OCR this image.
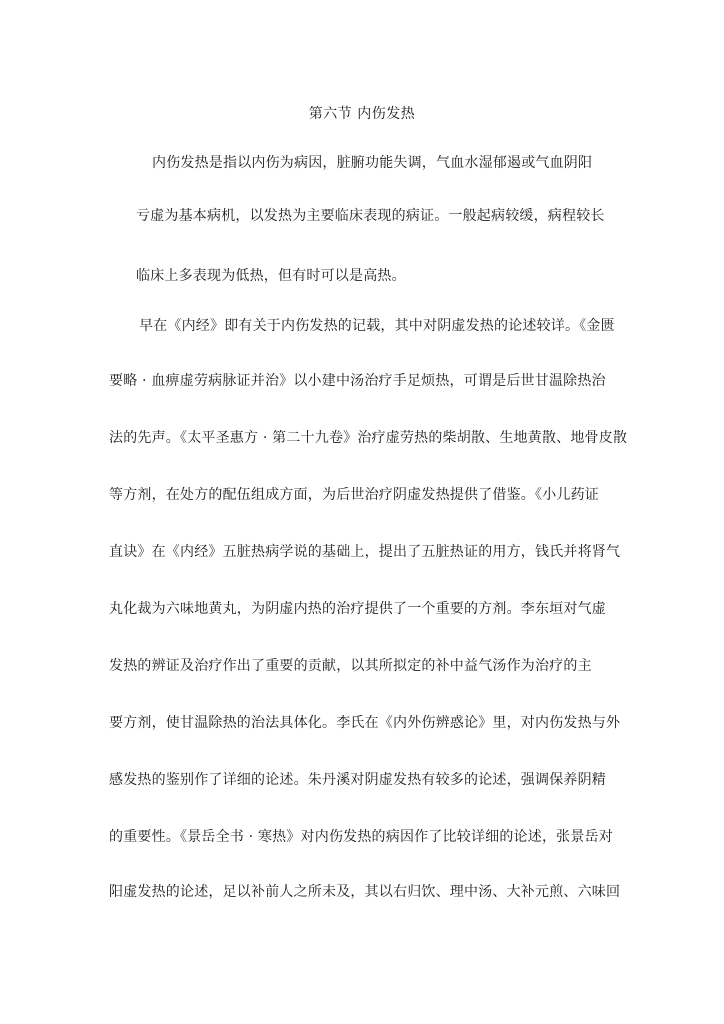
第六节 内伤发热
内伤发热是指以内伤为病因，脏腑功能失调，气血水湿郁遏或气血阴阳
亏虚为基本病机，以发热为主要临床表现的病证。一般起病较缓，病程较长
临床上多表现为低热，但有时可以是高热。
早在《内经》即有关于内伤发热的记载，其中对阴虚发热的论述较详。《金匮
要略 · 血痹虚劳病脉证并治》以小建中汤治疗手足烦热，可谓是后世甘温除热治
法的先声。《太平圣惠方 · 第二十九卷》治疗虚劳热的柴胡散、生地黄散、地骨皮散
等方剂，在处方的配伍组成方面，为后世治疗阴虚发热提供了借鉴。《小儿药证
直诀》在《内经》五脏热病学说的基础上，提出了五脏热证的用方，钱氏并将肾气
丸化裁为六味地黄丸，为阴虚内热的治疗提供了一个重要的方剂。李东垣对气虚
发热的辨证及治疗作出了重要的贡献，以其所拟定的补中益气汤作为治疗的主
要方剂，使甘温除热的治法具体化。李氏在《内外伤辨惑论》里，对内伤发热与外
感发热的鉴别作了详细的论述。朱丹溪对阴虚发热有较多的论述，强调保养阴精
的重要性。《景岳全书 · 寒热》对内伤发热的病因作了比较详细的论述，张景岳对
阳虚发热的论述，足以补前人之所未及，其以右归饮、理中汤、大补元煎、六味回
